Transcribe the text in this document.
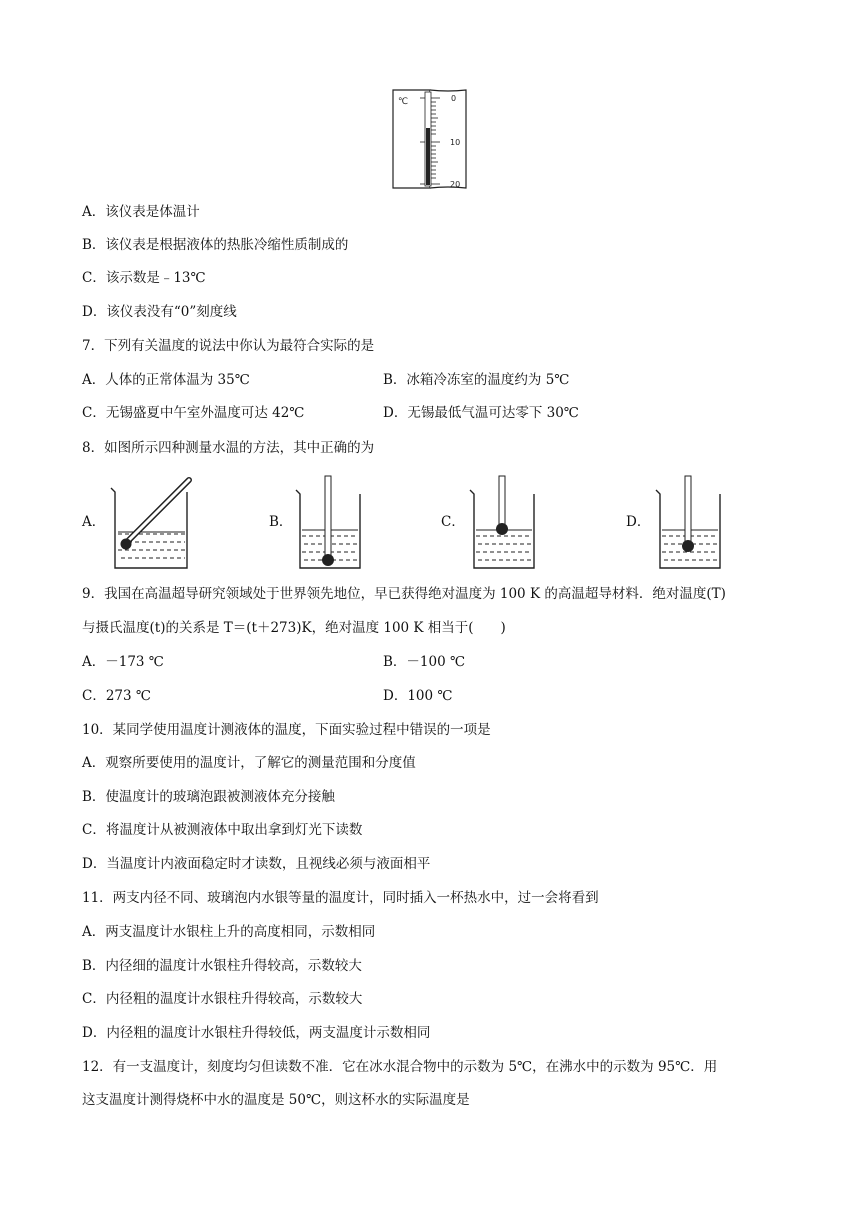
℃	0
10
20
A．该仪表是体温计
B．该仪表是根据液体的热胀冷缩性质制成的
C．该示数是﹣13℃
D．该仪表没有“0”刻度线
7．下列有关温度的说法中你认为最符合实际的是
A．人体的正常体温为 35℃	B．冰箱冷冻室的温度约为 5℃
C．无锡盛夏中午室外温度可达 42℃	D．无锡最低气温可达零下 30℃
8．如图所示四种测量水温的方法，其中正确的为
A．	B．	C．	D．
9．我国在高温超导研究领域处于世界领先地位，早已获得绝对温度为 100 K 的高温超导材料．绝对温度(T)
与摄氏温度(t)的关系是 T＝(t＋273)K，绝对温度 100 K 相当于(　　)
A．－173 ℃	B．－100 ℃
C．273 ℃	D．100 ℃
10．某同学使用温度计测液体的温度，下面实验过程中错误的一项是
A．观察所要使用的温度计，了解它的测量范围和分度值
B．使温度计的玻璃泡跟被测液体充分接触
C．将温度计从被测液体中取出拿到灯光下读数
D．当温度计内液面稳定时才读数，且视线必须与液面相平
11．两支内径不同、玻璃泡内水银等量的温度计，同时插入一杯热水中，过一会将看到
A．两支温度计水银柱上升的高度相同，示数相同
B．内径细的温度计水银柱升得较高，示数较大
C．内径粗的温度计水银柱升得较高，示数较大
D．内径粗的温度计水银柱升得较低，两支温度计示数相同
12．有一支温度计，刻度均匀但读数不准．它在冰水混合物中的示数为 5℃，在沸水中的示数为 95℃．用
这支温度计测得烧杯中水的温度是 50℃，则这杯水的实际温度是
